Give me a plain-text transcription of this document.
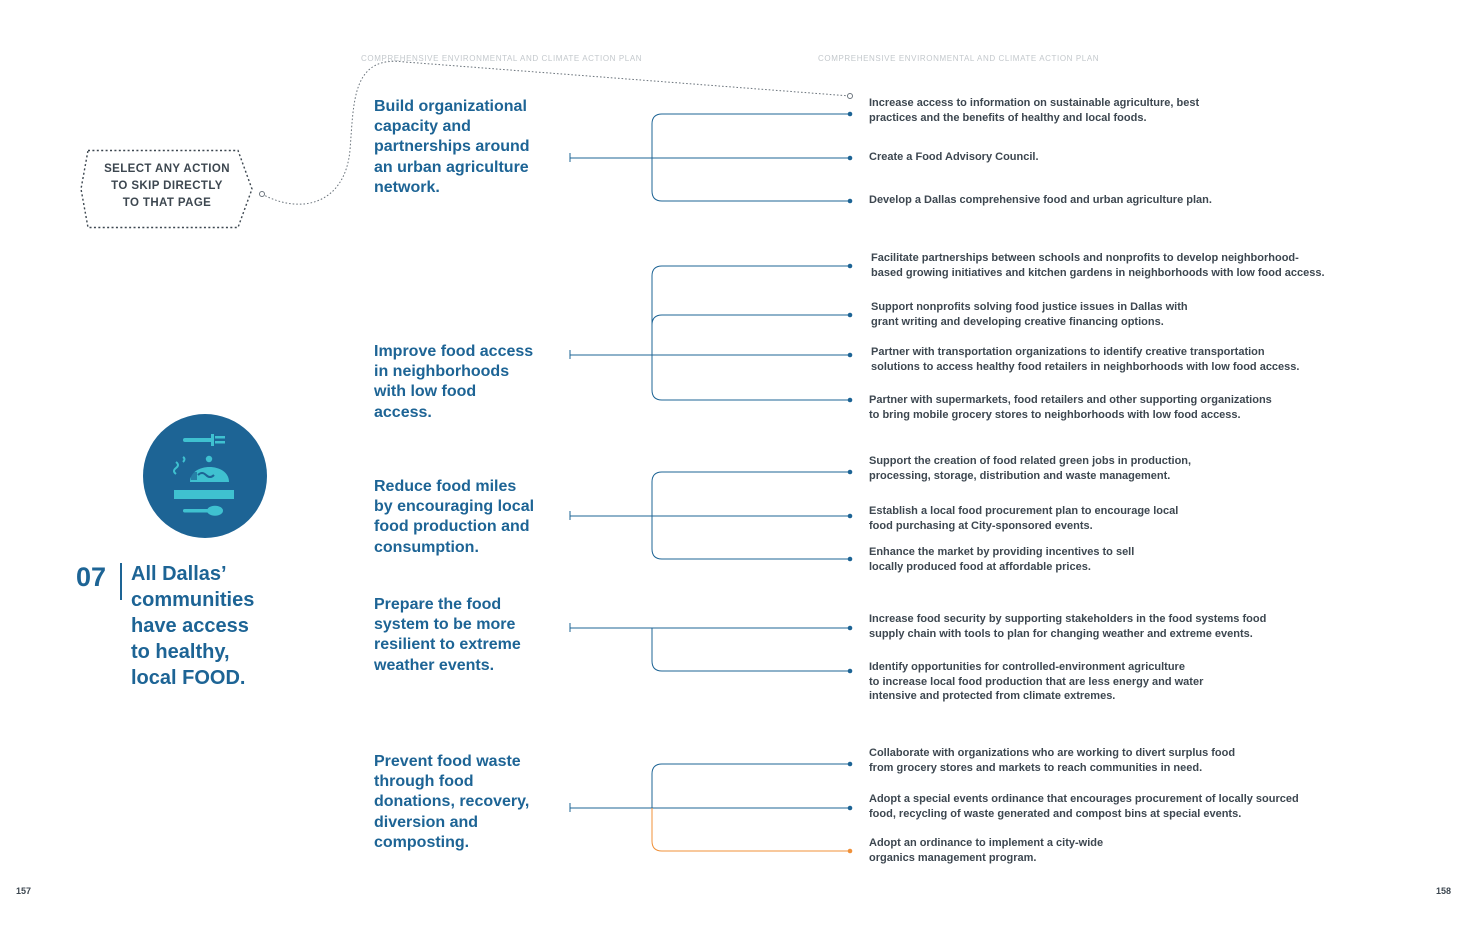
COMPREHENSIVE ENVIRONMENTAL AND CLIMATE ACTION PLAN	COMPREHENSIVE ENVIRONMENTAL AND CLIMATE ACTION PLAN
SELECT ANY ACTION
TO SKIP DIRECTLY
TO THAT PAGE
07 All Dallas’
communities
have access
to healthy,
local FOOD.
Build organizational
capacity and
partnerships around
an urban agriculture
network.
Increase access to information on sustainable agriculture, best
practices and the benefits of healthy and local foods.
Create a Food Advisory Council.
Develop a Dallas comprehensive food and urban agriculture plan.
Improve food access
in neighborhoods
with low food
access.
Facilitate partnerships between schools and nonprofits to develop neighborhood-
based growing initiatives and kitchen gardens in neighborhoods with low food access.
Support nonprofits solving food justice issues in Dallas with
grant writing and developing creative financing options.
Partner with transportation organizations to identify creative transportation
solutions to access healthy food retailers in neighborhoods with low food access.
Partner with supermarkets, food retailers and other supporting organizations
to bring mobile grocery stores to neighborhoods with low food access.
Reduce food miles
by encouraging local
food production and
consumption.
Support the creation of food related green jobs in production,
processing, storage, distribution and waste management.
Establish a local food procurement plan to encourage local
food purchasing at City-sponsored events.
Enhance the market by providing incentives to sell
locally produced food at affordable prices.
Prepare the food
system to be more
resilient to extreme
weather events.
Increase food security by supporting stakeholders in the food systems food
supply chain with tools to plan for changing weather and extreme events.
Identify opportunities for controlled-environment agriculture
to increase local food production that are less energy and water
intensive and protected from climate extremes.
Prevent food waste
through food
donations, recovery,
diversion and
composting.
Collaborate with organizations who are working to divert surplus food
from grocery stores and markets to reach communities in need.
Adopt a special events ordinance that encourages procurement of locally sourced
food, recycling of waste generated and compost bins at special events.
Adopt an ordinance to implement a city-wide
organics management program.
157	158
